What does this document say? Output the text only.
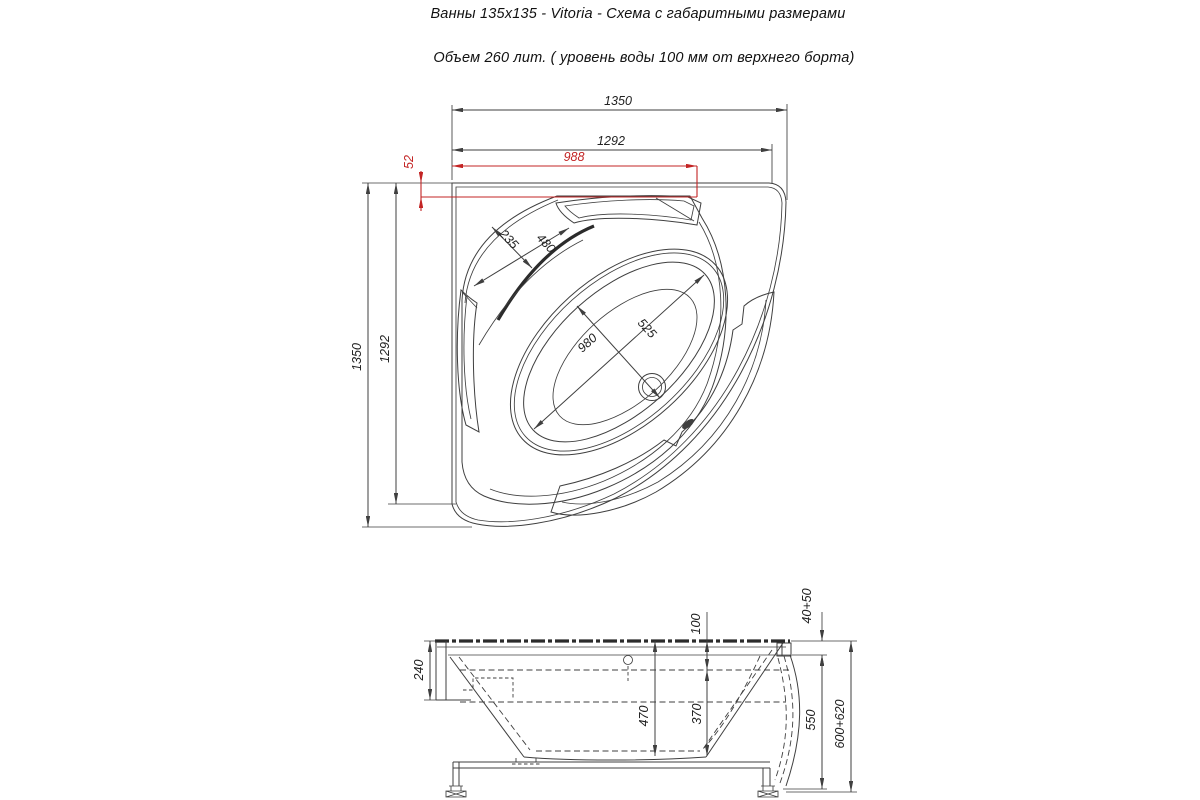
Ванны 135x135 - Vitoria - Схема с габаритными размерами
Объем 260 лит. ( уровень воды 100 мм от верхнего борта)
1350
1292
988
52
1350 1292
235 480
980
525
240
470
100
370	550
40+50
600+620
